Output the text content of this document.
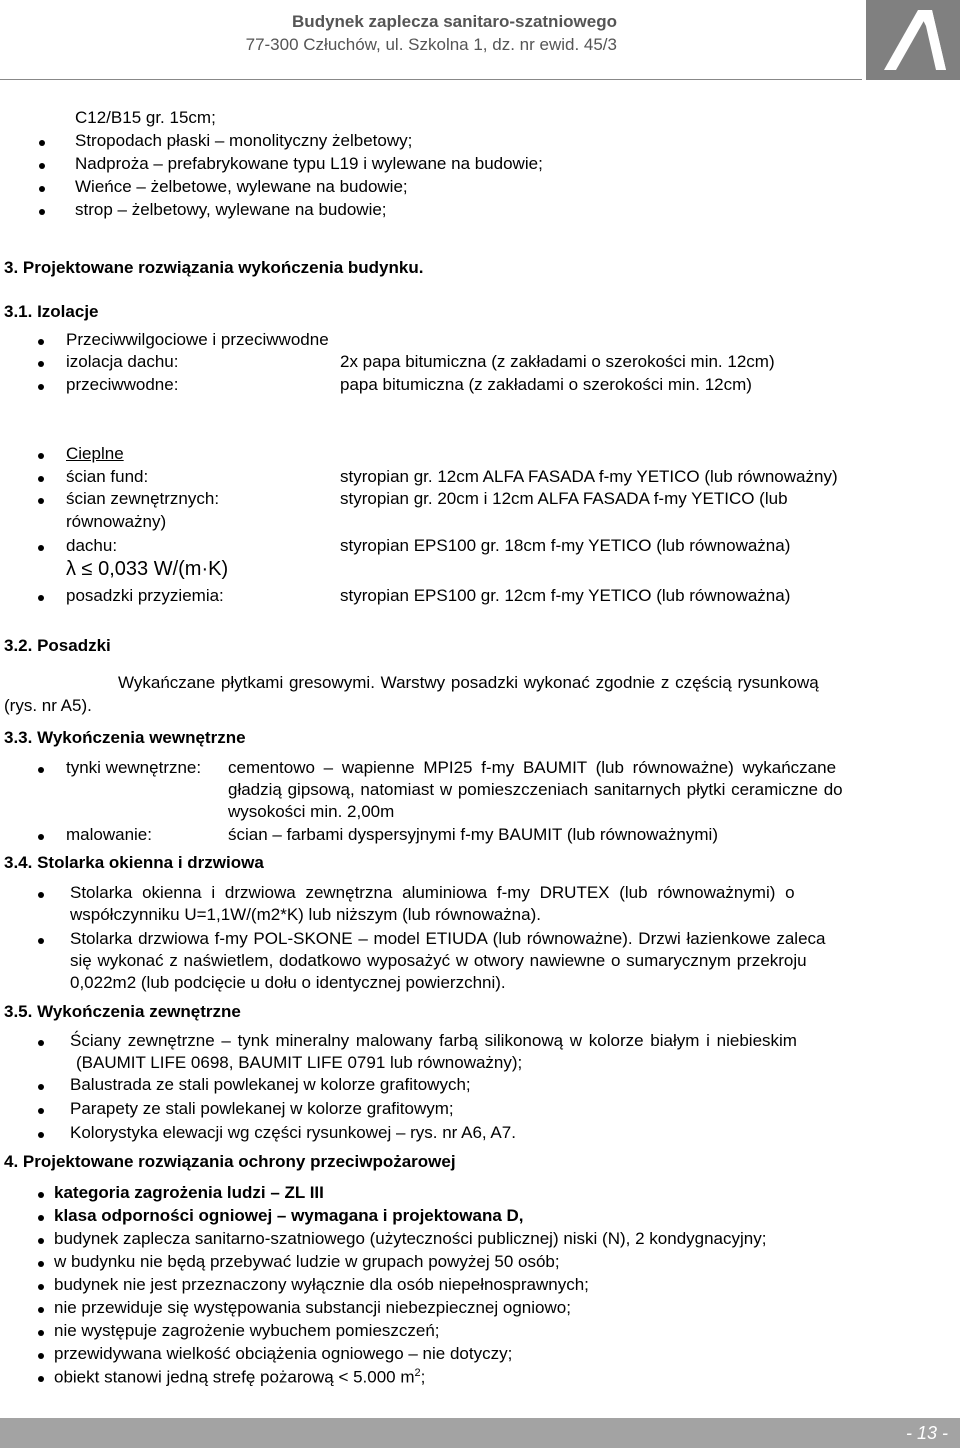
Budynek zaplecza sanitaro-szatniowego
77-300 Człuchów, ul. Szkolna 1, dz. nr ewid. 45/3
C12/B15 gr. 15cm;
Stropodach płaski – monolityczny żelbetowy;
Nadproża – prefabrykowane typu L19 i wylewane na budowie;
Wieńce – żelbetowe, wylewane na budowie;
strop – żelbetowy, wylewane na budowie;
3. Projektowane rozwiązania wykończenia budynku.
3.1. Izolacje
Przeciwwilgociowe i przeciwwodne
izolacja dachu:	2x papa bitumiczna (z zakładami o szerokości min. 12cm)
przeciwwodne:	papa bitumiczna (z zakładami o szerokości min. 12cm)
Cieplne
ścian fund:	styropian gr. 12cm ALFA FASADA f-my YETICO (lub równoważny)
ścian zewnętrznych:	styropian gr. 20cm i 12cm ALFA FASADA f-my YETICO (lub
równoważny)
dachu:	styropian EPS100 gr. 18cm f-my YETICO (lub równoważna)
λ ≤ 0,033 W/(m·K)
posadzki przyziemia:	styropian EPS100 gr. 12cm f-my YETICO (lub równoważna)
3.2. Posadzki
Wykańczane płytkami gresowymi. Warstwy posadzki wykonać zgodnie z częścią rysunkową
(rys. nr A5).
3.3. Wykończenia wewnętrzne
tynki wewnętrzne: cementowo – wapienne MPI25 f-my BAUMIT (lub równoważne) wykańczane
gładzią gipsową, natomiast w pomieszczeniach sanitarnych płytki ceramiczne do
wysokości min. 2,00m
malowanie:	ścian – farbami dyspersyjnymi f-my BAUMIT (lub równoważnymi)
3.4. Stolarka okienna i drzwiowa
Stolarka okienna i drzwiowa zewnętrzna aluminiowa f-my DRUTEX (lub równoważnymi) o
współczynniku U=1,1W/(m2*K) lub niższym (lub równoważna).
Stolarka drzwiowa f-my POL-SKONE – model ETIUDA (lub równoważne). Drzwi łazienkowe zaleca
się wykonać z naświetlem, dodatkowo wyposażyć w otwory nawiewne o sumarycznym przekroju
0,022m2 (lub podcięcie u dołu o identycznej powierzchni).
3.5. Wykończenia zewnętrzne
Ściany zewnętrzne – tynk mineralny malowany farbą silikonową w kolorze białym i niebieskim
(BAUMIT LIFE 0698, BAUMIT LIFE 0791 lub równoważny);
Balustrada ze stali powlekanej w kolorze grafitowych;
Parapety ze stali powlekanej w kolorze grafitowym;
Kolorystyka elewacji wg części rysunkowej – rys. nr A6, A7.
4. Projektowane rozwiązania ochrony przeciwpożarowej
kategoria zagrożenia ludzi – ZL III
klasa odporności ogniowej – wymagana i projektowana D,
budynek zaplecza sanitarno-szatniowego (użyteczności publicznej) niski (N), 2 kondygnacyjny;
w budynku nie będą przebywać ludzie w grupach powyżej 50 osób;
budynek nie jest przeznaczony wyłącznie dla osób niepełnosprawnych;
nie przewiduje się występowania substancji niebezpiecznej ogniowo;
nie występuje zagrożenie wybuchem pomieszczeń;
przewidywana wielkość obciążenia ogniowego – nie dotyczy;
obiekt stanowi jedną strefę pożarową < 5.000 $m^2$;
- 13 -
